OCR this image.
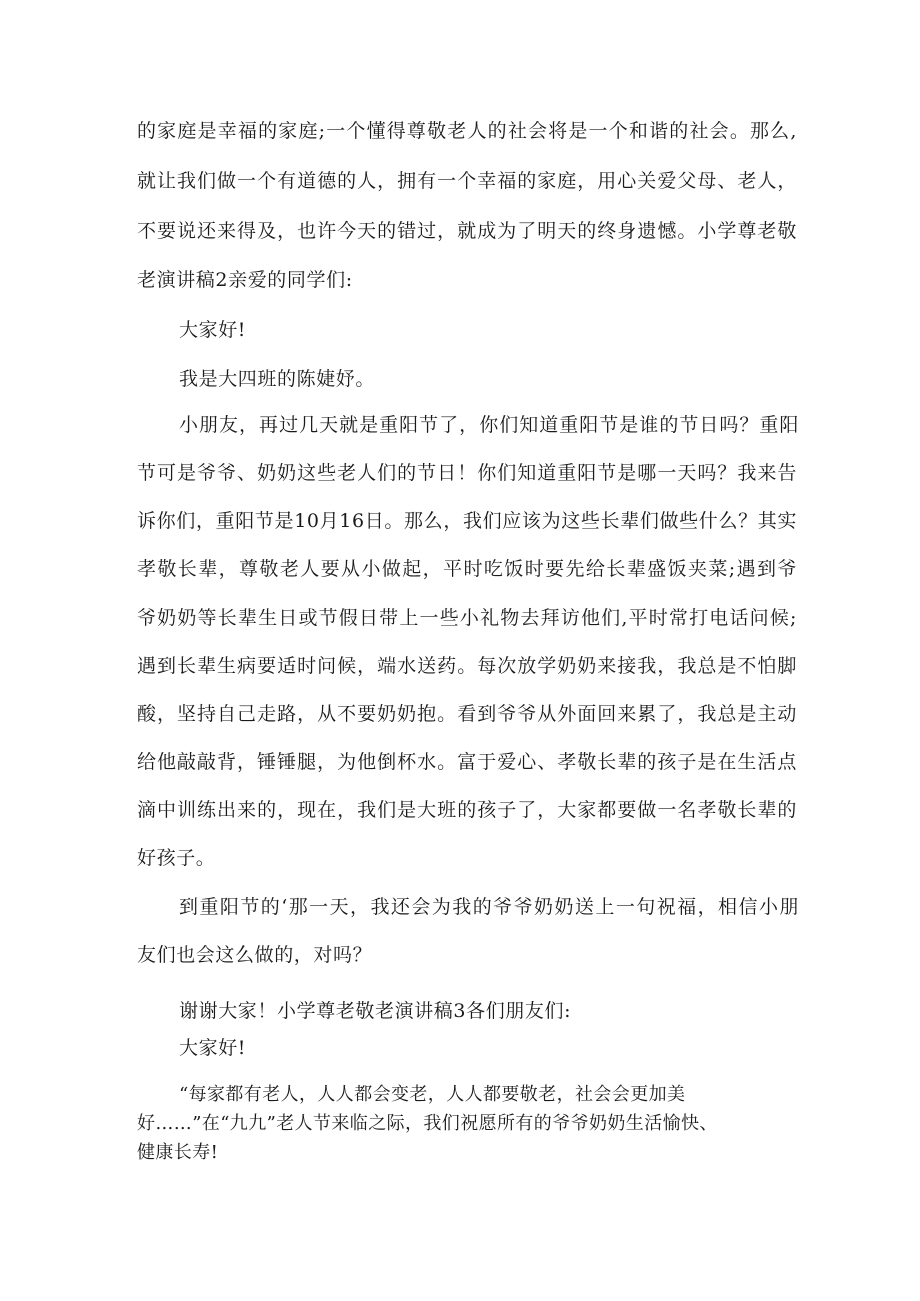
的家庭是幸福的家庭;一个懂得尊敬老人的社会将是一个和谐的社会。那么,
就让我们做一个有道德的人，拥有一个幸福的家庭，用心关爱父母、老人，
不要说还来得及，也许今天的错过，就成为了明天的终身遗憾。小学尊老敬
老演讲稿2亲爱的同学们:
大家好!
我是大四班的陈婕妤。
小朋友，再过几天就是重阳节了，你们知道重阳节是谁的节日吗？重阳
节可是爷爷、奶奶这些老人们的节日！你们知道重阳节是哪一天吗？我来告
诉你们，重阳节是10月16日。那么，我们应该为这些长辈们做些什么？其实
孝敬长辈，尊敬老人要从小做起，平时吃饭时要先给长辈盛饭夹菜;遇到爷
爷奶奶等长辈生日或节假日带上一些小礼物去拜访他们,平时常打电话问候;
遇到长辈生病要适时问候，端水送药。每次放学奶奶来接我，我总是不怕脚
酸，坚持自己走路，从不要奶奶抱。看到爷爷从外面回来累了，我总是主动
给他敲敲背，锤锤腿，为他倒杯水。富于爱心、孝敬长辈的孩子是在生活点
滴中训练出来的，现在，我们是大班的孩子了，大家都要做一名孝敬长辈的
好孩子。
到重阳节的‘那一天，我还会为我的爷爷奶奶送上一句祝福，相信小朋
友们也会这么做的，对吗？
谢谢大家！小学尊老敬老演讲稿3各们朋友们:
大家好!
“每家都有老人，人人都会变老，人人都要敬老，社会会更加美
好……”在“九九”老人节来临之际，我们祝愿所有的爷爷奶奶生活愉快、
健康长寿!
